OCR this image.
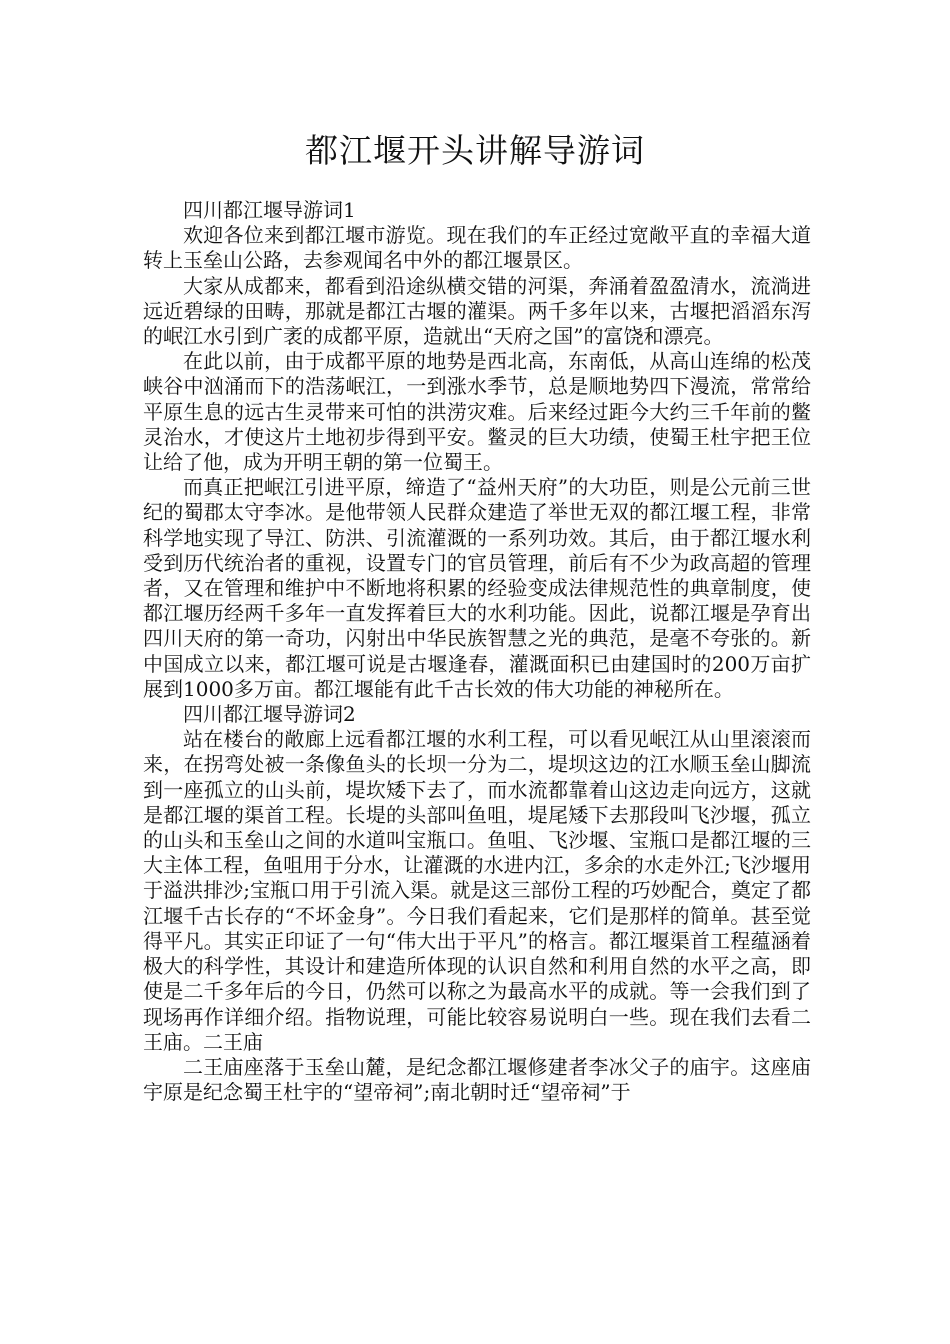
都江堰开头讲解导游词

四川都江堰导游词1

欢迎各位来到都江堰市游览。现在我们的车正经过宽敞平直的幸福大道转上玉垒山公路，去参观闻名中外的都江堰景区。

大家从成都来，都看到沿途纵横交错的河渠，奔涌着盈盈清水，流淌进远近碧绿的田畴，那就是都江古堰的灌渠。两千多年以来，古堰把滔滔东泻的岷江水引到广袤的成都平原，造就出“天府之国”的富饶和漂亮。

在此以前，由于成都平原的地势是西北高，东南低，从高山连绵的松茂峡谷中汹涌而下的浩荡岷江，一到涨水季节，总是顺地势四下漫流，常常给平原生息的远古生灵带来可怕的洪涝灾难。后来经过距今大约三千年前的鳖灵治水，才使这片土地初步得到平安。鳖灵的巨大功绩，使蜀王杜宇把王位让给了他，成为开明王朝的第一位蜀王。

而真正把岷江引进平原，缔造了“益州天府”的大功臣，则是公元前三世纪的蜀郡太守李冰。是他带领人民群众建造了举世无双的都江堰工程，非常科学地实现了导江、防洪、引流灌溉的一系列功效。其后，由于都江堰水利受到历代统治者的重视，设置专门的官员管理，前后有不少为政高超的管理者，又在管理和维护中不断地将积累的经验变成法律规范性的典章制度，使都江堰历经两千多年一直发挥着巨大的水利功能。因此，说都江堰是孕育出四川天府的第一奇功，闪射出中华民族智慧之光的典范，是毫不夸张的。新中国成立以来，都江堰可说是古堰逢春，灌溉面积已由建国时的200万亩扩展到1000多万亩。都江堰能有此千古长效的伟大功能的神秘所在。

四川都江堰导游词2

站在楼台的敞廊上远看都江堰的水利工程，可以看见岷江从山里滚滚而来，在拐弯处被一条像鱼头的长坝一分为二，堤坝这边的江水顺玉垒山脚流到一座孤立的山头前，堤坎矮下去了，而水流都靠着山这边走向远方，这就是都江堰的渠首工程。长堤的头部叫鱼咀，堤尾矮下去那段叫飞沙堰，孤立的山头和玉垒山之间的水道叫宝瓶口。鱼咀、飞沙堰、宝瓶口是都江堰的三大主体工程，鱼咀用于分水，让灌溉的水进内江，多余的水走外江;飞沙堰用于溢洪排沙;宝瓶口用于引流入渠。就是这三部份工程的巧妙配合，奠定了都江堰千古长存的“不坏金身”。今日我们看起来，它们是那样的简单。甚至觉得平凡。其实正印证了一句“伟大出于平凡”的格言。都江堰渠首工程蕴涵着极大的科学性，其设计和建造所体现的认识自然和利用自然的水平之高，即使是二千多年后的今日，仍然可以称之为最高水平的成就。等一会我们到了现场再作详细介绍。指物说理，可能比较容易说明白一些。现在我们去看二王庙。二王庙

二王庙座落于玉垒山麓，是纪念都江堰修建者李冰父子的庙宇。这座庙宇原是纪念蜀王杜宇的“望帝祠”;南北朝时迁“望帝祠”于
